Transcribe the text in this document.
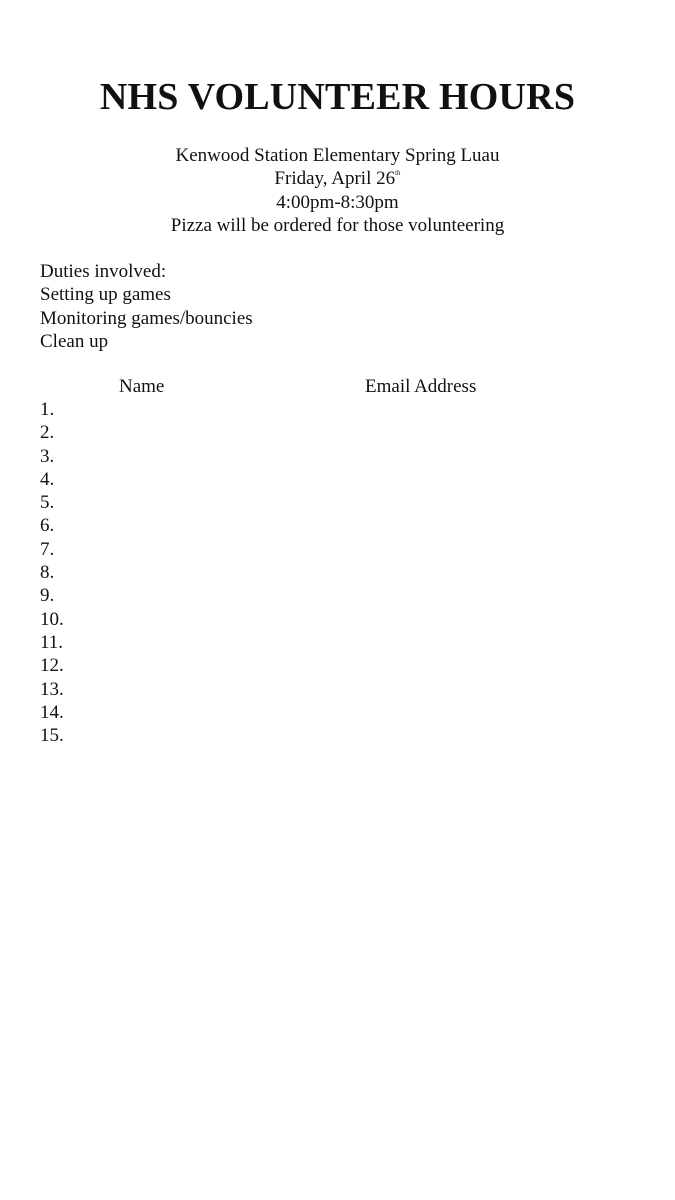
NHS VOLUNTEER HOURS
Kenwood Station Elementary Spring Luau
Friday, April 26th
4:00pm-8:30pm
Pizza will be ordered for those volunteering
Duties involved:
Setting up games
Monitoring games/bouncies
Clean up
Name	Email Address
1.
2.
3.
4.
5.
6.
7.
8.
9.
10.
11.
12.
13.
14.
15.
